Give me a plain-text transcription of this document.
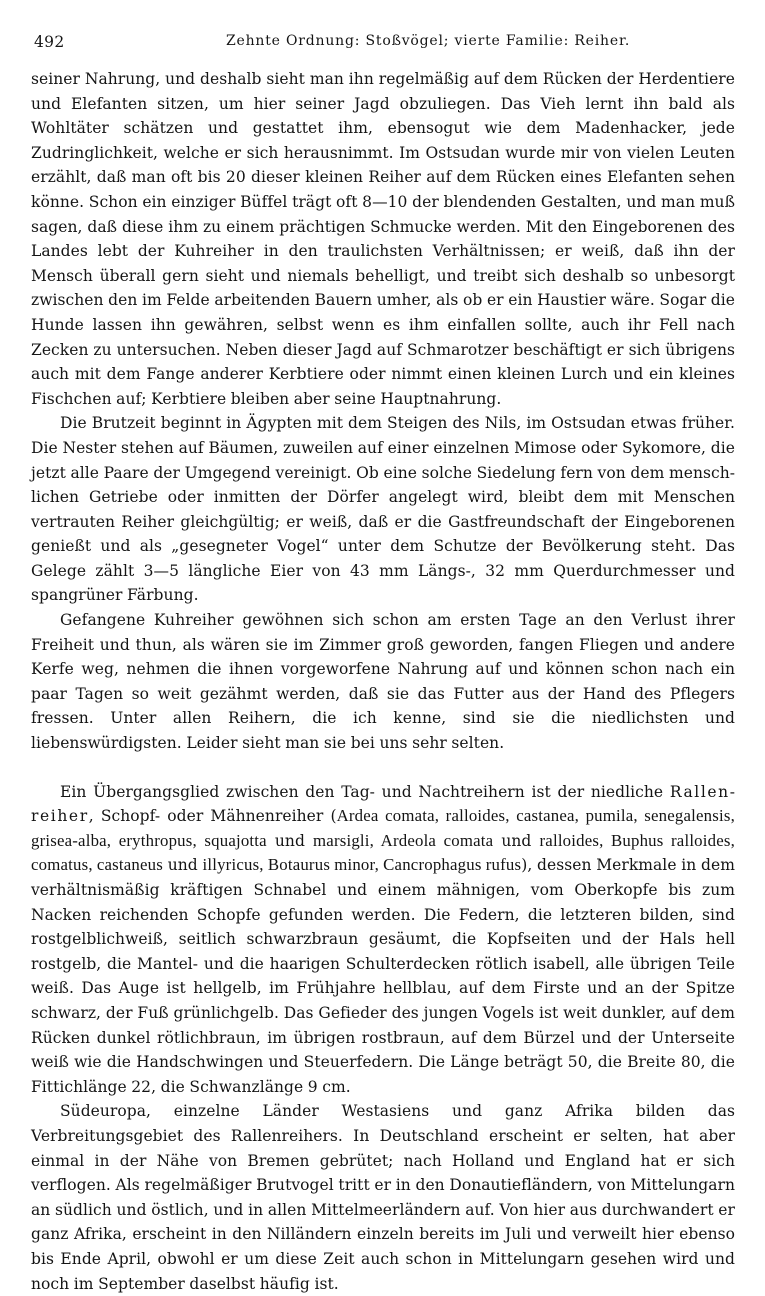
492	Zehnte Ordnung: Stoßvögel; vierte Familie: Reiher.

seiner Nahrung, und deshalb sieht man ihn regelmäßig auf dem Rücken der Herdentiere und Elefanten sitzen, um hier seiner Jagd obzuliegen. Das Vieh lernt ihn bald als Wohltäter schätzen und gestattet ihm, ebensogut wie dem Madenhacker, jede Zudringlichkeit, welche er sich herausnimmt. Im Ostsudan wurde mir von vielen Leuten erzählt, daß man oft bis 20 dieser kleinen Reiher auf dem Rücken eines Elefanten sehen könne. Schon ein einziger Büffel trägt oft 8—10 der blendenden Gestalten, und man muß sagen, daß diese ihm zu einem prächtigen Schmucke werden. Mit den Eingeborenen des Landes lebt der Kuhreiher in den traulichsten Verhältnissen; er weiß, daß ihn der Mensch überall gern sieht und niemals behelligt, und treibt sich deshalb so unbesorgt zwischen den im Felde arbeitenden Bauern umher, als ob er ein Haustier wäre. Sogar die Hunde lassen ihn gewähren, selbst wenn es ihm einfallen sollte, auch ihr Fell nach Zecken zu untersuchen. Neben dieser Jagd auf Schmarotzer beschäftigt er sich übrigens auch mit dem Fange anderer Kerbtiere oder nimmt einen kleinen Lurch und ein kleines Fischchen auf; Kerbtiere bleiben aber seine Hauptnahrung.

Die Brutzeit beginnt in Ägypten mit dem Steigen des Nils, im Ostsudan etwas früher. Die Nester stehen auf Bäumen, zuweilen auf einer einzelnen Mimose oder Sykomore, die jetzt alle Paare der Umgegend vereinigt. Ob eine solche Siedelung fern von dem menschlichen Getriebe oder inmitten der Dörfer angelegt wird, bleibt dem mit Menschen vertrauten Reiher gleichgültig; er weiß, daß er die Gastfreundschaft der Eingeborenen genießt und als „gesegneter Vogel“ unter dem Schutze der Bevölkerung steht. Das Gelege zählt 3—5 längliche Eier von 43 mm Längs-, 32 mm Querdurchmesser und spangrüner Färbung.

Gefangene Kuhreiher gewöhnen sich schon am ersten Tage an den Verlust ihrer Freiheit und thun, als wären sie im Zimmer groß geworden, fangen Fliegen und andere Kerfe weg, nehmen die ihnen vorgeworfene Nahrung auf und können schon nach ein paar Tagen so weit gezähmt werden, daß sie das Futter aus der Hand des Pflegers fressen. Unter allen Reihern, die ich kenne, sind sie die niedlichsten und liebenswürdigsten. Leider sieht man sie bei uns sehr selten.

Ein Übergangsglied zwischen den Tag- und Nachtreihern ist der niedliche Rallenreiher, Schopf- oder Mähnenreiher (Ardea comata, ralloides, castanea, pumila, senegalensis, grisea-alba, erythropus, squajotta und marsigli, Ardeola comata und ralloides, Buphus ralloides, comatus, castaneus und illyricus, Botaurus minor, Cancrophagus rufus), dessen Merkmale in dem verhältnismäßig kräftigen Schnabel und einem mähnigen, vom Oberkopfe bis zum Nacken reichenden Schopfe gefunden werden. Die Federn, die letzteren bilden, sind rostgelblichweiß, seitlich schwarzbraun gesäumt, die Kopfseiten und der Hals hell rostgelb, die Mantel- und die haarigen Schulterdecken rötlich isabell, alle übrigen Teile weiß. Das Auge ist hellgelb, im Frühjahre hellblau, auf dem Firste und an der Spitze schwarz, der Fuß grünlichgelb. Das Gefieder des jungen Vogels ist weit dunkler, auf dem Rücken dunkel rötlichbraun, im übrigen rostbraun, auf dem Bürzel und der Unterseite weiß wie die Handschwingen und Steuerfedern. Die Länge beträgt 50, die Breite 80, die Fittichlänge 22, die Schwanzlänge 9 cm.

Südeuropa, einzelne Länder Westasiens und ganz Afrika bilden das Verbreitungsgebiet des Rallenreihers. In Deutschland erscheint er selten, hat aber einmal in der Nähe von Bremen gebrütet; nach Holland und England hat er sich verflogen. Als regelmäßiger Brutvogel tritt er in den Donautiefländern, von Mittelungarn an südlich und östlich, und in allen Mittelmeerländern auf. Von hier aus durchwandert er ganz Afrika, erscheint in den Nilländern einzeln bereits im Juli und verweilt hier ebenso bis Ende April, obwohl er um diese Zeit auch schon in Mittelungarn gesehen wird und noch im September daselbst häufig ist.
